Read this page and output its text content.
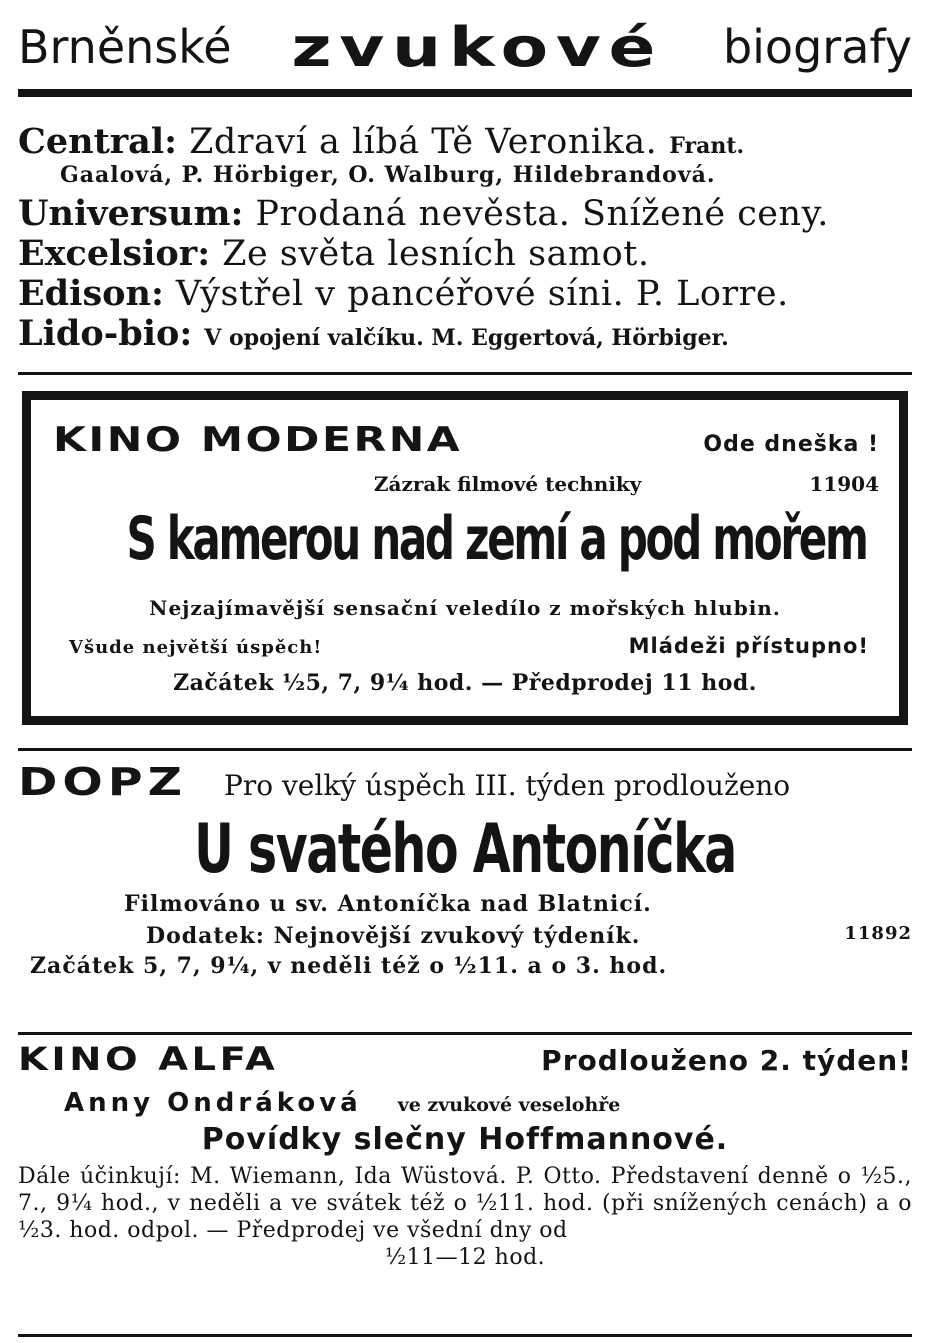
Brněnské zvukové biografy
Central: Zdraví a líbá Tě Veronika. Frant.
Gaalová, P. Hörbiger, O. Walburg, Hildebrandová.
Universum: Prodaná nevěsta. Snížené ceny.
Excelsior: Ze světa lesních samot.
Edison: Výstřel v pancéřové síni. P. Lorre.
Lido-bio: V opojení valčíku. M. Eggertová, Hörbiger.
KINO MODERNA	Ode dneška !
Zázrak filmové techniky	11904
S kamerou nad zemí a pod mořem
Nejzajímavější sensační veledílo z mořských hlubin.
Všude největší úspěch!	Mládeži přístupno!
Začátek ½5, 7, 9¼ hod. — Předprodej 11 hod.
DOPZ	Pro velký úspěch III. týden prodlouženo
U svatého Antoníčka
Filmováno u sv. Antoníčka nad Blatnicí.
Dodatek: Nejnovější zvukový týdeník.	11892
Začátek 5, 7, 9¼, v neděli též o ½11. a o 3. hod.
KINO ALFA	Prodlouženo 2. týden!
Anny Ondráková ve zvukové veselohře
Povídky slečny Hoffmannové.
Dále účinkují: M. Wiemann, Ida Wüstová. P. Otto. Představení denně o ½5., 7., 9¼ hod., v neděli a ve svátek též o ½11. hod. (při snížených cenách) a o ½3. hod. odpol. — Předprodej ve všední dny od
½11—12 hod.
